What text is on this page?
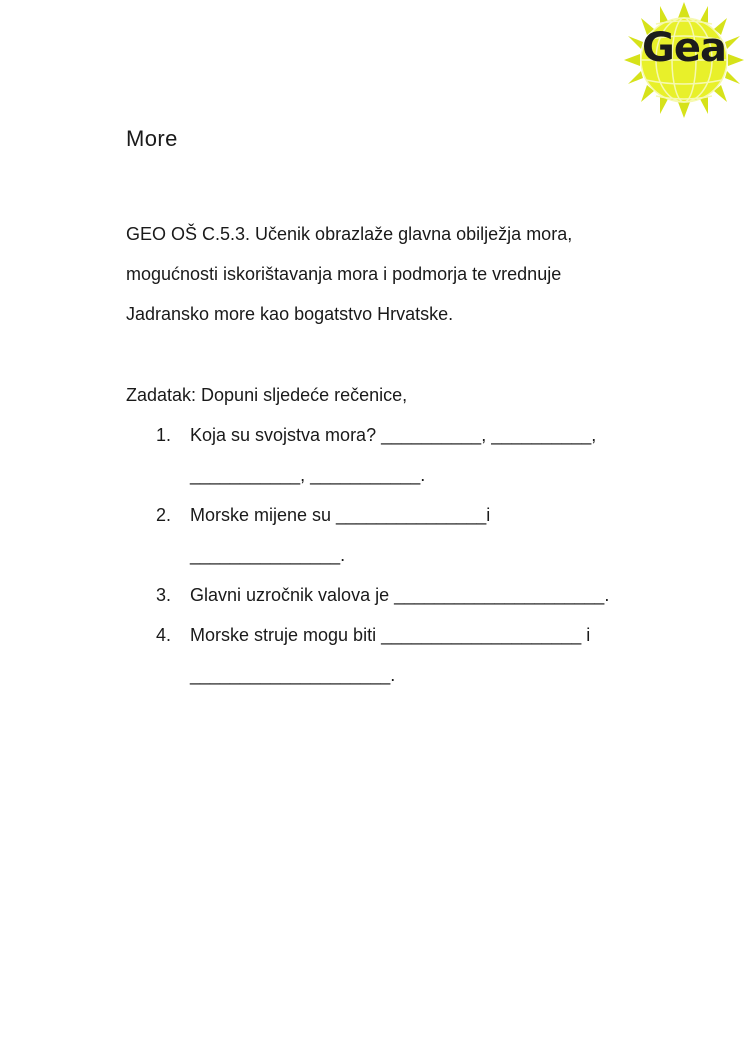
Gea
More

GEO OŠ C.5.3. Učenik obrazlaže glavna obilježja mora, mogućnosti iskorištavanja mora i podmorja te vrednuje Jadransko more kao bogatstvo Hrvatske.

Zadatak: Dopuni sljedeće rečenice,

1.	Koja su svojstva mora? __________, __________, ___________, ___________.
2.	Morske mijene su _______________i _______________.
3.	Glavni uzročnik valova je _____________________.
4.	Morske struje mogu biti ____________________ i ____________________.
